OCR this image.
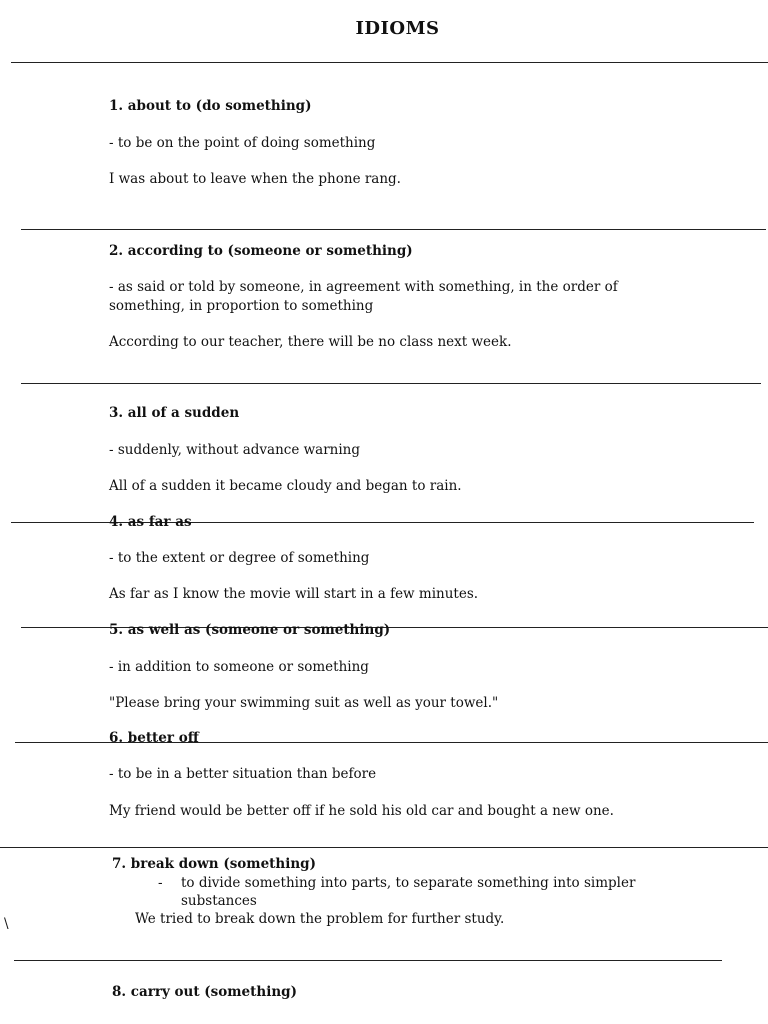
IDIOMS
1. about to (do something)
- to be on the point of doing something
I was about to leave when the phone rang.
2. according to (someone or something)
- as said or told by someone, in agreement with something, in the order of
something, in proportion to something
According to our teacher, there will be no class next week.
3. all of a sudden
- suddenly, without advance warning
All of a sudden it became cloudy and began to rain.
4. as far as
- to the extent or degree of something
As far as I know the movie will start in a few minutes.
5. as well as (someone or something)
- in addition to someone or something
"Please bring your swimming suit as well as your towel."
6. better off
- to be in a better situation than before
My friend would be better off if he sold his old car and bought a new one.
7. break down (something)
- to divide something into parts, to separate something into simpler
substances
We tried to break down the problem for further study.
\
8. carry out (something)
